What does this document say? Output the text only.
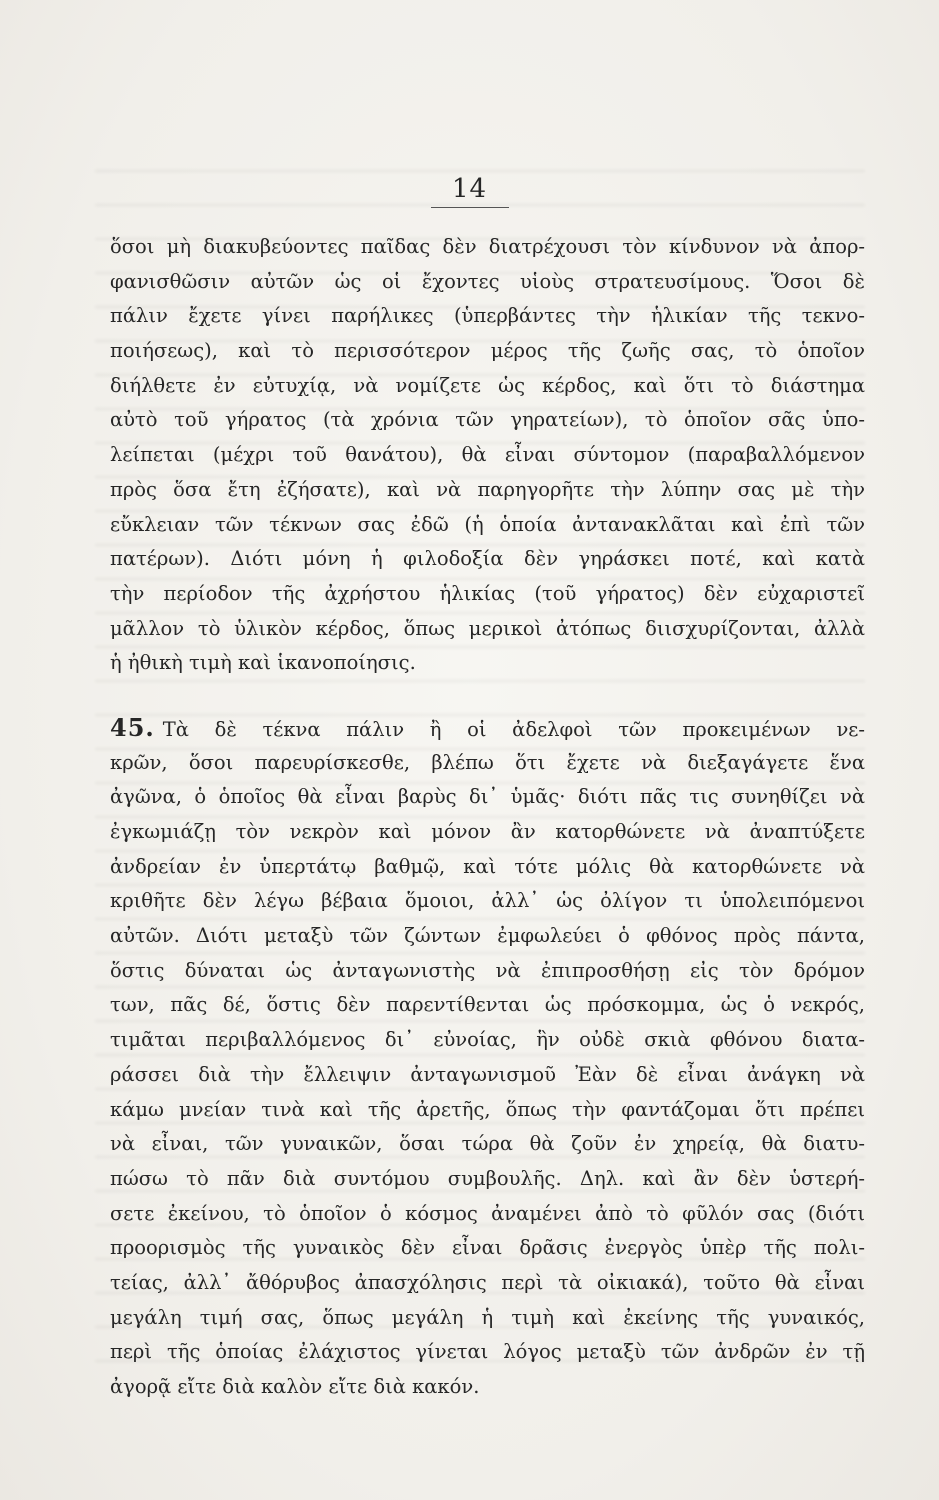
14
ὅσοι μὴ διακυβεύοντες παῖδας δὲν διατρέχουσι τὸν κίνδυνον νὰ ἀπορ-
φανισθῶσιν αὐτῶν ὡς οἱ ἔχοντες υἱοὺς στρατευσίμους. Ὅσοι δὲ
πάλιν ἔχετε γίνει παρήλικες (ὑπερβάντες τὴν ἡλικίαν τῆς τεκνο-
ποιήσεως), καὶ τὸ περισσότερον μέρος τῆς ζωῆς σας, τὸ ὁποῖον
διήλθετε ἐν εὐτυχίᾳ, νὰ νομίζετε ὡς κέρδος, καὶ ὅτι τὸ διάστημα
αὐτὸ τοῦ γήρατος (τὰ χρόνια τῶν γηρατείων), τὸ ὁποῖον σᾶς ὑπο-
λείπεται (μέχρι τοῦ θανάτου), θὰ εἶναι σύντομον (παραβαλλόμενον
πρὸς ὅσα ἔτη ἐζήσατε), καὶ νὰ παρηγορῆτε τὴν λύπην σας μὲ τὴν
εὔκλειαν τῶν τέκνων σας ἐδῶ (ἡ ὁποία ἀντανακλᾶται καὶ ἐπὶ τῶν
πατέρων). Διότι μόνη ἡ φιλοδοξία δὲν γηράσκει ποτέ, καὶ κατὰ
τὴν περίοδον τῆς ἀχρήστου ἡλικίας (τοῦ γήρατος) δὲν εὐχαριστεῖ
μᾶλλον τὸ ὑλικὸν κέρδος, ὅπως μερικοὶ ἀτόπως διισχυρίζονται, ἀλλὰ
ἡ ἠθικὴ τιμὴ καὶ ἱκανοποίησις.
45. Τὰ δὲ τέκνα πάλιν ἢ οἱ ἀδελφοὶ τῶν προκειμένων νε-
κρῶν, ὅσοι παρευρίσκεσθε, βλέπω ὅτι ἔχετε νὰ διεξαγάγετε ἕνα
ἀγῶνα, ὁ ὁποῖος θὰ εἶναι βαρὺς δι᾽ ὑμᾶς· διότι πᾶς τις συνηθίζει νὰ
ἐγκωμιάζῃ τὸν νεκρὸν καὶ μόνον ἂν κατορθώνετε νὰ ἀναπτύξετε
ἀνδρείαν ἐν ὑπερτάτῳ βαθμῷ, καὶ τότε μόλις θὰ κατορθώνετε νὰ
κριθῆτε δὲν λέγω βέβαια ὅμοιοι, ἀλλ᾽ ὡς ὀλίγον τι ὑπολειπόμενοι
αὐτῶν. Διότι μεταξὺ τῶν ζώντων ἐμφωλεύει ὁ φθόνος πρὸς πάντα,
ὅστις δύναται ὡς ἀνταγωνιστὴς νὰ ἐπιπροσθήσῃ εἰς τὸν δρόμον
των, πᾶς δέ, ὅστις δὲν παρεντίθενται ὡς πρόσκομμα, ὡς ὁ νεκρός,
τιμᾶται περιβαλλόμενος δι᾽ εὐνοίας, ἣν οὐδὲ σκιὰ φθόνου διατα-
ράσσει διὰ τὴν ἔλλειψιν ἀνταγωνισμοῦ Ἐὰν δὲ εἶναι ἀνάγκη νὰ
κάμω μνείαν τινὰ καὶ τῆς ἀρετῆς, ὅπως τὴν φαντάζομαι ὅτι πρέπει
νὰ εἶναι, τῶν γυναικῶν, ὅσαι τώρα θὰ ζοῦν ἐν χηρείᾳ, θὰ διατυ-
πώσω τὸ πᾶν διὰ συντόμου συμβουλῆς. Δηλ. καὶ ἂν δὲν ὑστερή-
σετε ἐκείνου, τὸ ὁποῖον ὁ κόσμος ἀναμένει ἀπὸ τὸ φῦλόν σας (διότι
προορισμὸς τῆς γυναικὸς δὲν εἶναι δρᾶσις ἐνεργὸς ὑπὲρ τῆς πολι-
τείας, ἀλλ᾽ ἄθόρυβος ἀπασχόλησις περὶ τὰ οἰκιακά), τοῦτο θὰ εἶναι
μεγάλη τιμή σας, ὅπως μεγάλη ἡ τιμὴ καὶ ἐκείνης τῆς γυναικός,
περὶ τῆς ὁποίας ἐλάχιστος γίνεται λόγος μεταξὺ τῶν ἀνδρῶν ἐν τῇ
ἀγορᾷ εἴτε διὰ καλὸν εἴτε διὰ κακόν.
